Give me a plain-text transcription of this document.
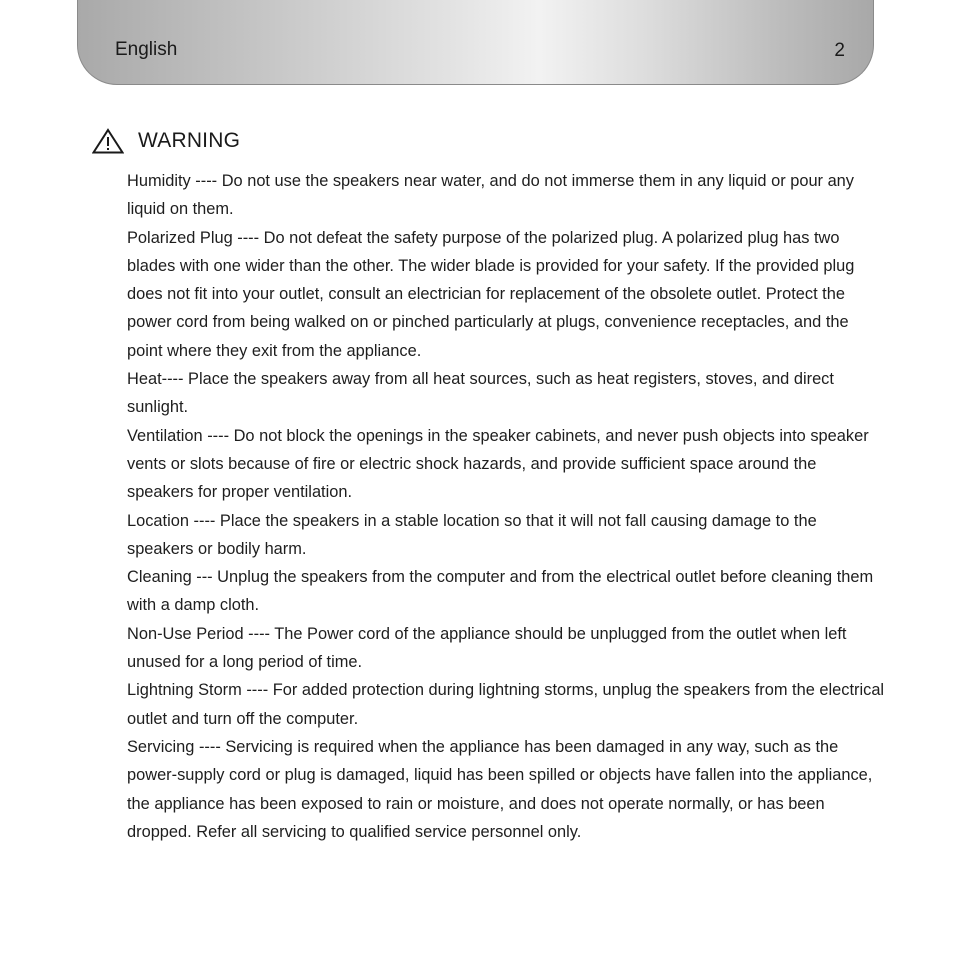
English	2
WARNING

Humidity ---- Do not use the speakers near water, and do not immerse them in any liquid or pour any liquid on them.

Polarized Plug ---- Do not defeat the safety purpose of the polarized plug. A polarized plug has two blades with one wider than the other. The wider blade is provided for your safety. If the provided plug does not fit into your outlet, consult an electrician for replacement of the obsolete outlet. Protect the power cord from being walked on or pinched particularly at plugs, convenience receptacles, and the point where they exit from the appliance.

Heat---- Place the speakers away from all heat sources, such as heat registers, stoves, and direct sunlight.

Ventilation ---- Do not block the openings in the speaker cabinets, and never push objects into speaker vents or slots because of fire or electric shock hazards, and provide sufficient space around the speakers for proper ventilation.

Location ---- Place the speakers in a stable location so that it will not fall causing damage to the speakers or bodily harm.

Cleaning --- Unplug the speakers from the computer and from the electrical outlet before cleaning them with a damp cloth.

Non-Use Period ---- The Power cord of the appliance should be unplugged from the outlet when left unused for a long period of time.

Lightning Storm ---- For added protection during lightning storms, unplug the speakers from the electrical outlet and turn off the computer.

Servicing ---- Servicing is required when the appliance has been damaged in any way, such as the power-supply cord or plug is damaged, liquid has been spilled or objects have fallen into the appliance, the appliance has been exposed to rain or moisture, and does not operate normally, or has been dropped. Refer all servicing to qualified service personnel only.
